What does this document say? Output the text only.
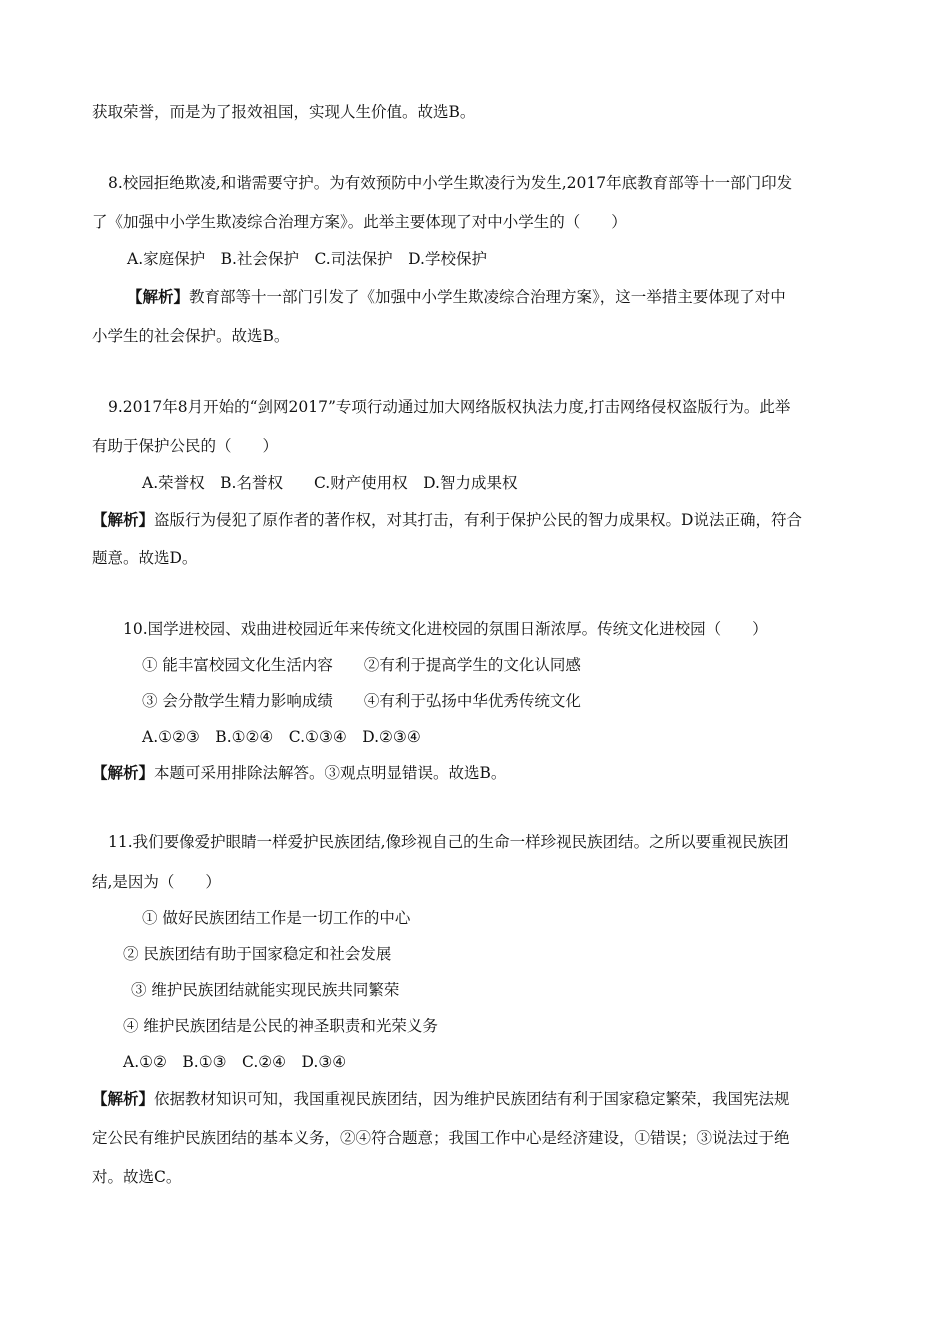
获取荣誉，而是为了报效祖国，实现人生价值。故选B。
8.校园拒绝欺凌,和谐需要守护。为有效预防中小学生欺凌行为发生,2017年底教育部等十一部门印发
了《加强中小学生欺凌综合治理方案》。此举主要体现了对中小学生的（　　）
A.家庭保护　B.社会保护　C.司法保护　D.学校保护
【解析】教育部等十一部门引发了《加强中小学生欺凌综合治理方案》，这一举措主要体现了对中
小学生的社会保护。故选B。
9.2017年8月开始的“剑网2017”专项行动通过加大网络版权执法力度,打击网络侵权盗版行为。此举
有助于保护公民的（　　）
A.荣誉权　B.名誉权　　C.财产使用权　D.智力成果权
【解析】盗版行为侵犯了原作者的著作权，对其打击，有利于保护公民的智力成果权。D说法正确，符合
题意。故选D。
10.国学进校园、戏曲进校园近年来传统文化进校园的氛围日渐浓厚。传统文化进校园（　　）
① 能丰富校园文化生活内容　　②有利于提高学生的文化认同感
③ 会分散学生精力影响成绩　　④有利于弘扬中华优秀传统文化
A.①②③　B.①②④　C.①③④　D.②③④
【解析】本题可采用排除法解答。③观点明显错误。故选B。
11.我们要像爱护眼睛一样爱护民族团结,像珍视自己的生命一样珍视民族团结。之所以要重视民族团
结,是因为（　　）
① 做好民族团结工作是一切工作的中心
② 民族团结有助于国家稳定和社会发展
③ 维护民族团结就能实现民族共同繁荣
④ 维护民族团结是公民的神圣职责和光荣义务
A.①②　B.①③　C.②④　D.③④
【解析】依据教材知识可知，我国重视民族团结，因为维护民族团结有利于国家稳定繁荣，我国宪法规
定公民有维护民族团结的基本义务，②④符合题意；我国工作中心是经济建设，①错误；③说法过于绝
对。故选C。
